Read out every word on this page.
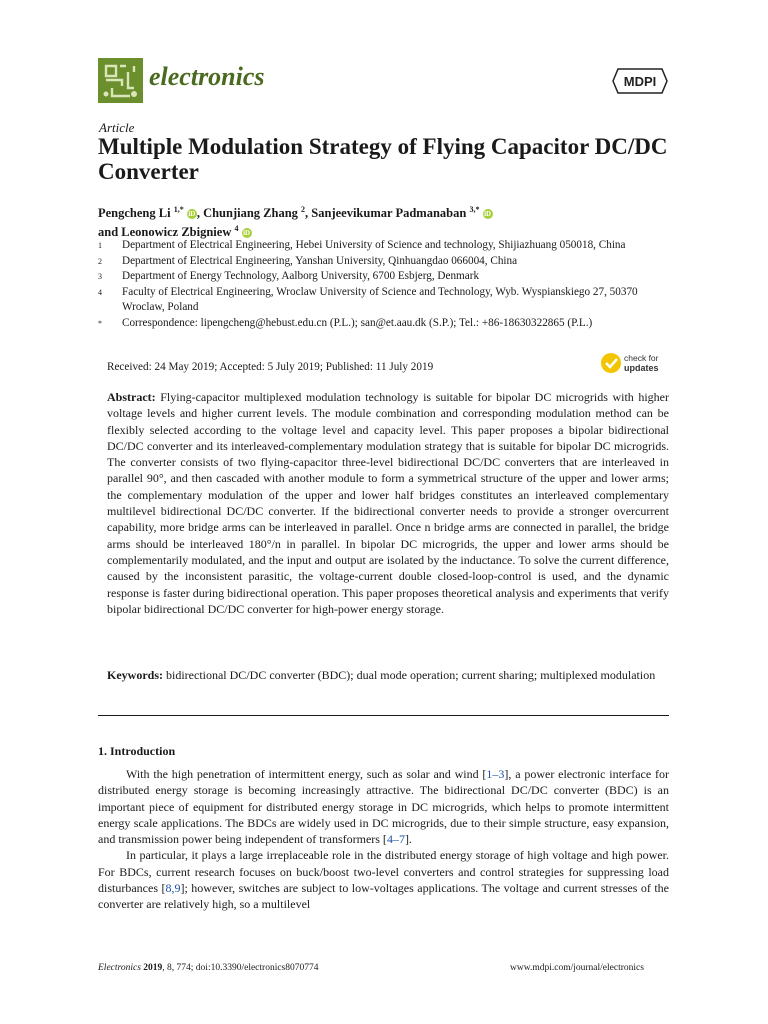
electronics	MDPI
Article
Multiple Modulation Strategy of Flying Capacitor DC/DC Converter
Pengcheng Li $^{1,*}$ iD , Chunjiang Zhang $^2$, Sanjeevikumar Padmanaban $^{3,*}$ iD
and Leonowicz Zbigniew $^4$ iD
1	Department of Electrical Engineering, Hebei University of Science and technology, Shijiazhuang 050018, China
2	Department of Electrical Engineering, Yanshan University, Qinhuangdao 066004, China
3	Department of Energy Technology, Aalborg University, 6700 Esbjerg, Denmark
4	Faculty of Electrical Engineering, Wroclaw University of Science and Technology, Wyb. Wyspianskiego 27, 50370 Wroclaw, Poland
*	Correspondence: lipengcheng@hebust.edu.cn (P.L.); san@et.aau.dk (S.P.); Tel.: +86-18630322865 (P.L.)
Received: 24 May 2019; Accepted: 5 July 2019; Published: 11 July 2019
check for
updates
Abstract: Flying-capacitor multiplexed modulation technology is suitable for bipolar DC microgrids with higher voltage levels and higher current levels. The module combination and corresponding modulation method can be flexibly selected according to the voltage level and capacity level. This paper proposes a bipolar bidirectional DC/DC converter and its interleaved-complementary modulation strategy that is suitable for bipolar DC microgrids. The converter consists of two flying-capacitor three-level bidirectional DC/DC converters that are interleaved in parallel 90°, and then cascaded with another module to form a symmetrical structure of the upper and lower arms; the complementary modulation of the upper and lower half bridges constitutes an interleaved complementary multilevel bidirectional DC/DC converter. If the bidirectional converter needs to provide a stronger overcurrent capability, more bridge arms can be interleaved in parallel. Once n bridge arms are connected in parallel, the bridge arms should be interleaved 180°/n in parallel. In bipolar DC microgrids, the upper and lower arms should be complementarily modulated, and the input and output are isolated by the inductance. To solve the current difference, caused by the inconsistent parasitic, the voltage-current double closed-loop-control is used, and the dynamic response is faster during bidirectional operation. This paper proposes theoretical analysis and experiments that verify bipolar bidirectional DC/DC converter for high-power energy storage.
Keywords: bidirectional DC/DC converter (BDC); dual mode operation; current sharing; multiplexed modulation
1. Introduction

With the high penetration of intermittent energy, such as solar and wind [1–3], a power electronic interface for distributed energy storage is becoming increasingly attractive. The bidirectional DC/DC converter (BDC) is an important piece of equipment for distributed energy storage in DC microgrids, which helps to promote intermittent energy scale applications. The BDCs are widely used in DC microgrids, due to their simple structure, easy expansion, and transmission power being independent of transformers [4–7].

In particular, it plays a large irreplaceable role in the distributed energy storage of high voltage and high power. For BDCs, current research focuses on buck/boost two-level converters and control strategies for suppressing load disturbances [8,9]; however, switches are subject to low-voltages applications. The voltage and current stresses of the converter are relatively high, so a multilevel

Electronics 2019, 8, 774; doi:10.3390/electronics8070774	www.mdpi.com/journal/electronics
